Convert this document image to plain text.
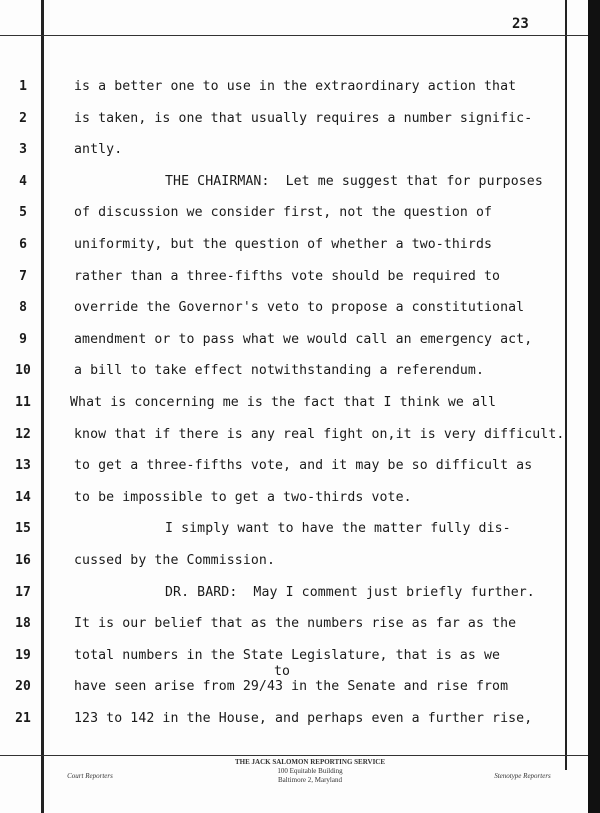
23
1	is a better one to use in the extraordinary action that
2	is taken, is one that usually requires a number signific-
3	antly.
4	THE CHAIRMAN:  Let me suggest that for purposes
5	of discussion we consider first, not the question of
6	uniformity, but the question of whether a two-thirds
7	rather than a three-fifths vote should be required to
8	override the Governor's veto to propose a constitutional
9	amendment or to pass what we would call an emergency act,
10	a bill to take effect notwithstanding a referendum.
11	What is concerning me is the fact that I think we all
12	know that if there is any real fight on,it is very difficult.
13	to get a three-fifths vote, and it may be so difficult as
14	to be impossible to get a two-thirds vote.
15	I simply want to have the matter fully dis-
16	cussed by the Commission.
17	DR. BARD:  May I comment just briefly further.
18	It is our belief that as the numbers rise as far as the
19	total numbers in the State Legislature, that is as we
20	have seen arise from 29/43 in the Senate and rise from
21	123 to 142 in the House, and perhaps even a further rise,
to
THE JACK SALOMON REPORTING SERVICE
100 Equitable Building
Baltimore 2, Maryland
Court Reporters	Stenotype Reporters
